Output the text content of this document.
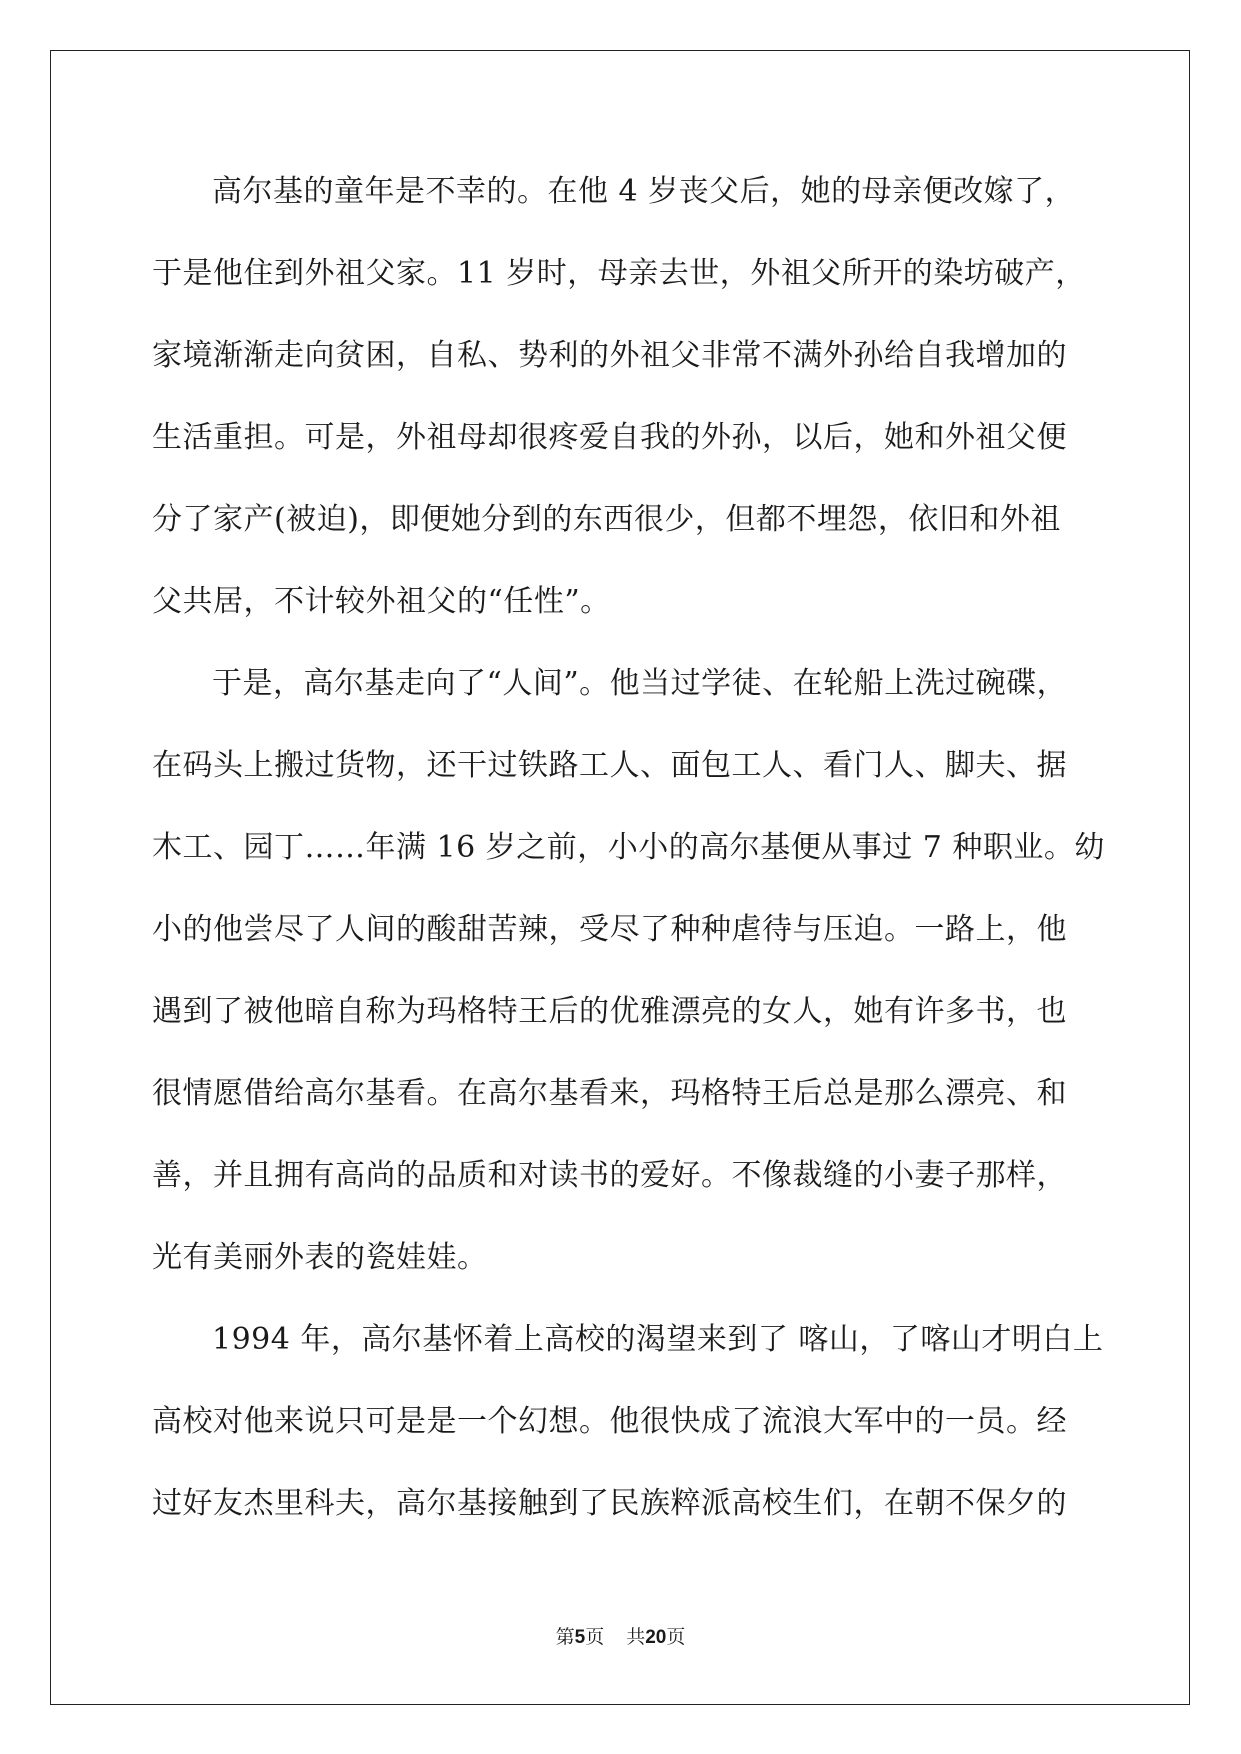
高尔基的童年是不幸的。在他 4 岁丧父后，她的母亲便改嫁了，
于是他住到外祖父家。11 岁时，母亲去世，外祖父所开的染坊破产，
家境渐渐走向贫困，自私、势利的外祖父非常不满外孙给自我增加的
生活重担。可是，外祖母却很疼爱自我的外孙，以后，她和外祖父便
分了家产(被迫)，即便她分到的东西很少，但都不埋怨，依旧和外祖
父共居，不计较外祖父的“任性”。
于是，高尔基走向了“人间”。他当过学徒、在轮船上洗过碗碟，
在码头上搬过货物，还干过铁路工人、面包工人、看门人、脚夫、据
木工、园丁……年满 16 岁之前，小小的高尔基便从事过 7 种职业。幼
小的他尝尽了人间的酸甜苦辣，受尽了种种虐待与压迫。一路上，他
遇到了被他暗自称为玛格特王后的优雅漂亮的女人，她有许多书，也
很情愿借给高尔基看。在高尔基看来，玛格特王后总是那么漂亮、和
善，并且拥有高尚的品质和对读书的爱好。不像裁缝的小妻子那样，
光有美丽外表的瓷娃娃。
1994 年，高尔基怀着上高校的渴望来到了 喀山，了喀山才明白上
高校对他来说只可是是一个幻想。他很快成了流浪大军中的一员。经
过好友杰里科夫，高尔基接触到了民族粹派高校生们，在朝不保夕的
第5页 共20页
